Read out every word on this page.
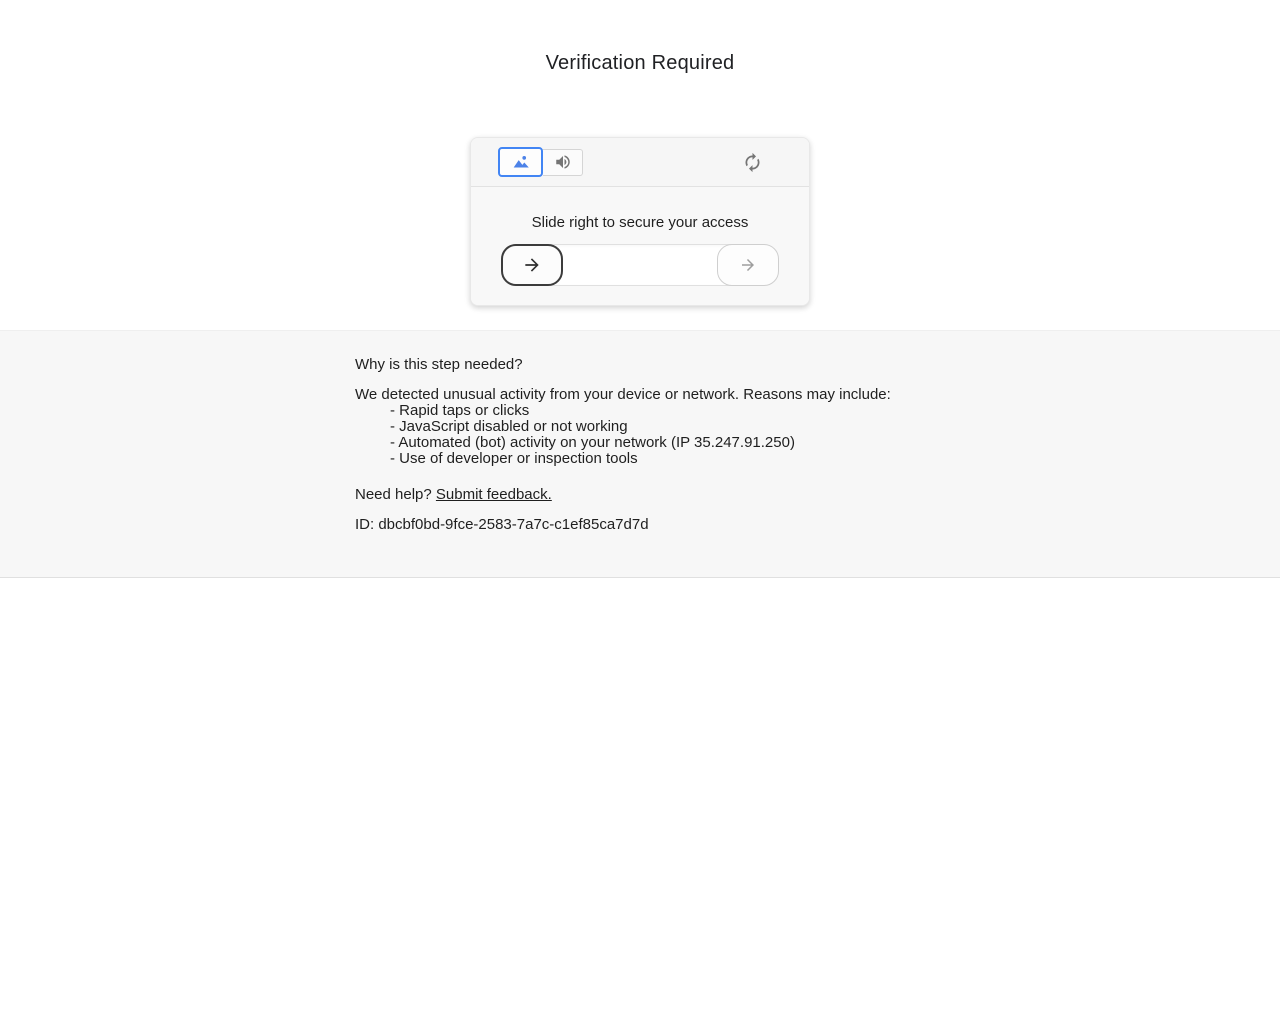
Verification Required
Slide right to secure your access
Why is this step needed?
We detected unusual activity from your device or network. Reasons may include:
- Rapid taps or clicks
- JavaScript disabled or not working
- Automated (bot) activity on your network (IP 35.247.91.250)
- Use of developer or inspection tools
Need help? Submit feedback.
ID: dbcbf0bd-9fce-2583-7a7c-c1ef85ca7d7d
